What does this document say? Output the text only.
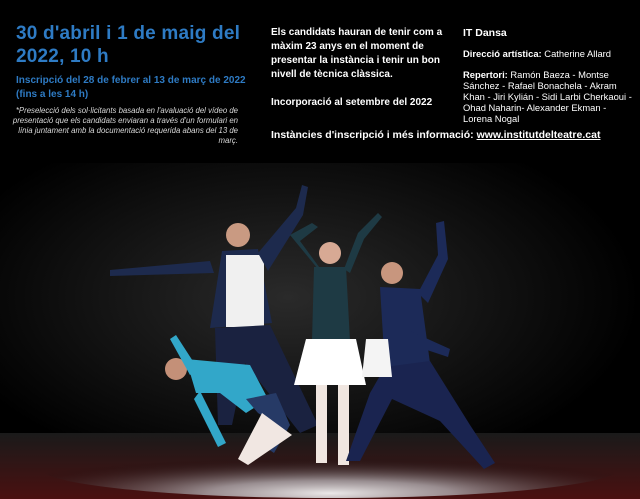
30 d'abril i 1 de maig del 2022, 10 h

Inscripció del 28 de febrer al 13 de març de 2022 (fins a les 14 h)

*Preselecció dels sol·licitants basada en l'avaluació del vídeo de presentació que els candidats enviaran a través d'un formulari en línia juntament amb la documentació requerida abans del 13 de març.

Els candidats hauran de tenir com a màxim 23 anys en el moment de presentar la instància i tenir un bon nivell de tècnica clàssica.

Incorporació al setembre del 2022

Instàncies d'inscripció i més informació: www.institutdelteatre.cat
IT Dansa
Direcció artística: Catherine Allard
Repertori: Ramón Baeza - Montse Sánchez - Rafael Bonachela - Akram Khan - Jiri Kylián - Sidi Larbi Cherkaoui - Ohad Naharin- Alexander Ekman - Lorena Nogal
